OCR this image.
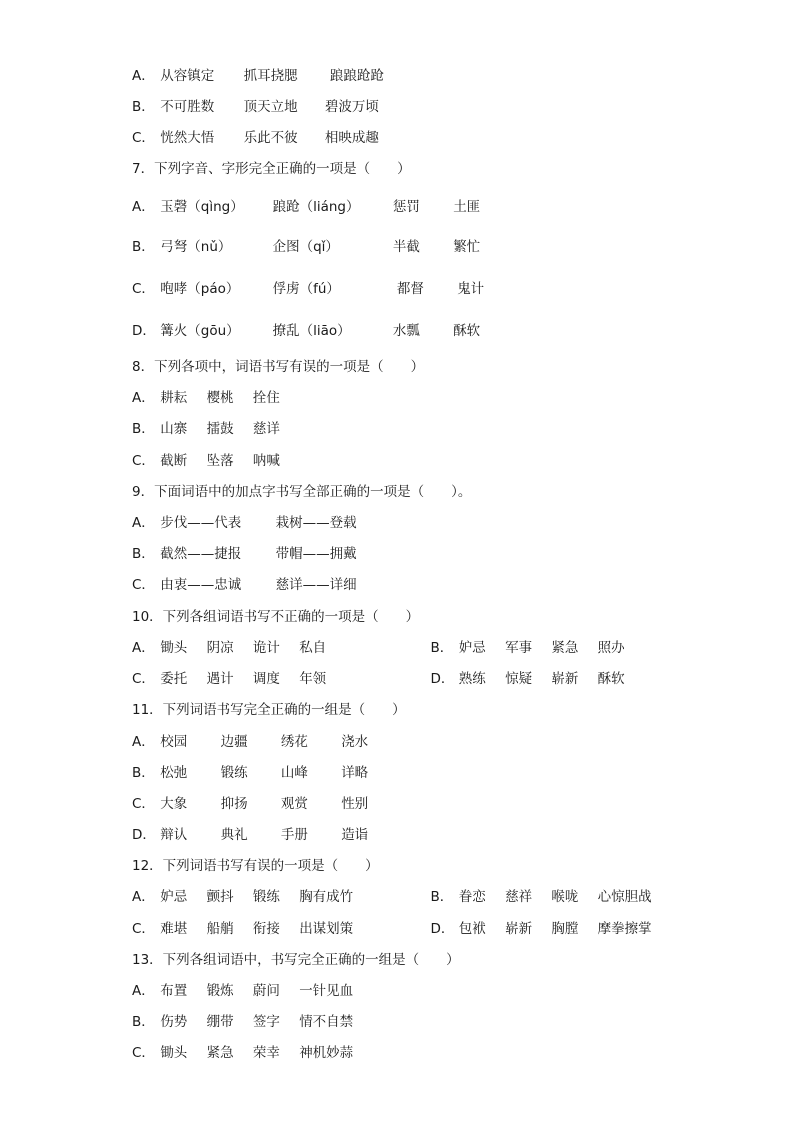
A． 从容镇定 抓耳挠腮 踉踉跄跄
B． 不可胜数 顶天立地 碧波万顷
C． 恍然大悟 乐此不彼 相映成趣
7．下列字音、字形完全正确的一项是（　　）
A． 玉磬（qìng） 踉跄（liáng） 惩罚 土匪
B． 弓弩（nǔ）	企图（qǐ）	半截 繁忙
C． 咆哮（páo） 俘虏（fú）	都督 鬼计
D． 篝火（gōu） 撩乱（liāo）	水瓢 酥软
8．下列各项中，词语书写有误的一项是（　　）
A． 耕耘 樱桃 拴住
B． 山寨 擂鼓 慈详
C． 截断 坠落 呐喊
9．下面词语中的加点字书写全部正确的一项是（　　）。
A． 步伐——代表	栽树——登载
B． 截然——捷报	带帽——拥戴
C． 由衷——忠诚	慈详——详细
10．下列各组词语书写不正确的一项是（　　）
A． 锄头 阴凉 诡计 私自	B． 妒忌 军事 紧急 照办
C． 委托 遇计 调度 年领	D． 熟练 惊疑 崭新 酥软
11．下列词语书写完全正确的一组是（　　）
A． 校园 边疆 绣花 浇水
B． 松弛 锻练 山峰 详略
C． 大象 抑扬 观赏 性别
D． 辩认 典礼 手册 造诣
12．下列词语书写有误的一项是（　　）
A． 妒忌 颤抖 锻练 胸有成竹	B． 眷恋 慈祥 喉咙 心惊胆战
C． 难堪 船艄 衔接 出谋划策	D． 包袱 崭新 胸膛 摩拳擦掌
13．下列各组词语中，书写完全正确的一组是（　　）
A． 布置 锻炼 蔚问 一针见血
B． 伤势 绷带 签字 情不自禁
C． 锄头 紧急 荣幸 神机妙蒜
